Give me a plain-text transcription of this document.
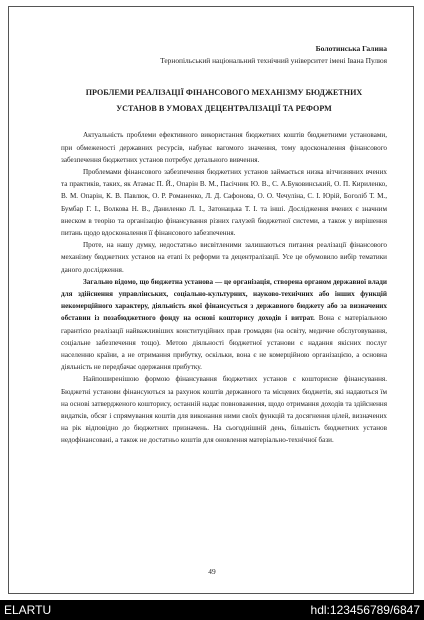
Болотинська Галина
Тернопільський національний технічний університет імені Івана Пулюя
ПРОБЛЕМИ РЕАЛІЗАЦІЇ ФІНАНСОВОГО МЕХАНІЗМУ БЮДЖЕТНИХ
УСТАНОВ В УМОВАХ ДЕЦЕНТРАЛІЗАЦІЇ ТА РЕФОРМ

Актуальність проблеми ефективного використання бюджетних коштів бюджетними установами, при обмеженості державних ресурсів, набуває вагомого значення, тому вдосконалення фінансового забезпечення бюджетних установ потребує детального вивчення.

Проблемами фінансового забезпечення бюджетних установ займається низка вітчизняних вчених та практиків, таких, як Атамас П. Й., Опарін В. М., Пасічник Ю. В., С. А.Буковинський, О. П. Кириленко, В. М. Опарін, К. В. Павлюк, О. Р. Романенко, Л. Д. Сафонова, О. О. Чечуліна, С. І. Юрій, Боголіб Т. М., Бумбар Г. І., Волкова Н. В., Даниленко Л. І., Затонацька Т. І. та інші. Дослідження вчених є значним внеском в теорію та організацію фінансування різних галузей бюджетної системи, а також у вирішення питань щодо вдосконалення її фінансового забезпечення.

Проте, на нашу думку, недостатньо висвітленими залишаються питання реалізації фінансового механізму бюджетних установ на етапі їх реформи та децентралізації. Усе це обумовило вибір тематики даного дослідження.

Загально відомо, що бюджетна установа — це організація, створена органом державної влади для здійснення управлінських, соціально-культурних, науково-технічних або інших функцій некомерційного характеру, діяльність якої фінансується з державного бюджету або за визначених обставин із позабюджетного фонду на основі кошторису доходів і витрат. Вона є матеріальною гарантією реалізації найважливіших конституційних прав громадян (на освіту, медичне обслуговування, соціальне забезпечення тощо). Метою діяльності бюджетної установи є надання якісних послуг населенню країни, а не отримання прибутку, оскільки, вона є не комерційною організацією, а основна діяльність не передбачає одержання прибутку.

Найпоширенішою формою фінансування бюджетних установ є кошторисне фінансування. Бюджетні установи фінансуються за рахунок коштів державного та місцевих бюджетів, які надаються їм на основі затвердженого кошторису, останній надає повноваження, щодо отримання доходів та здійснення видатків, обсяг і спрямування коштів для виконання ними своїх функцій та досягнення цілей, визначених на рік відповідно до бюджетних призначень. На сьогоднішній день, більшість бюджетних установ недофінансовані, а також не достатньо коштів для оновлення матеріально-технічної бази.

49
ELARTU	hdl:123456789/6847
